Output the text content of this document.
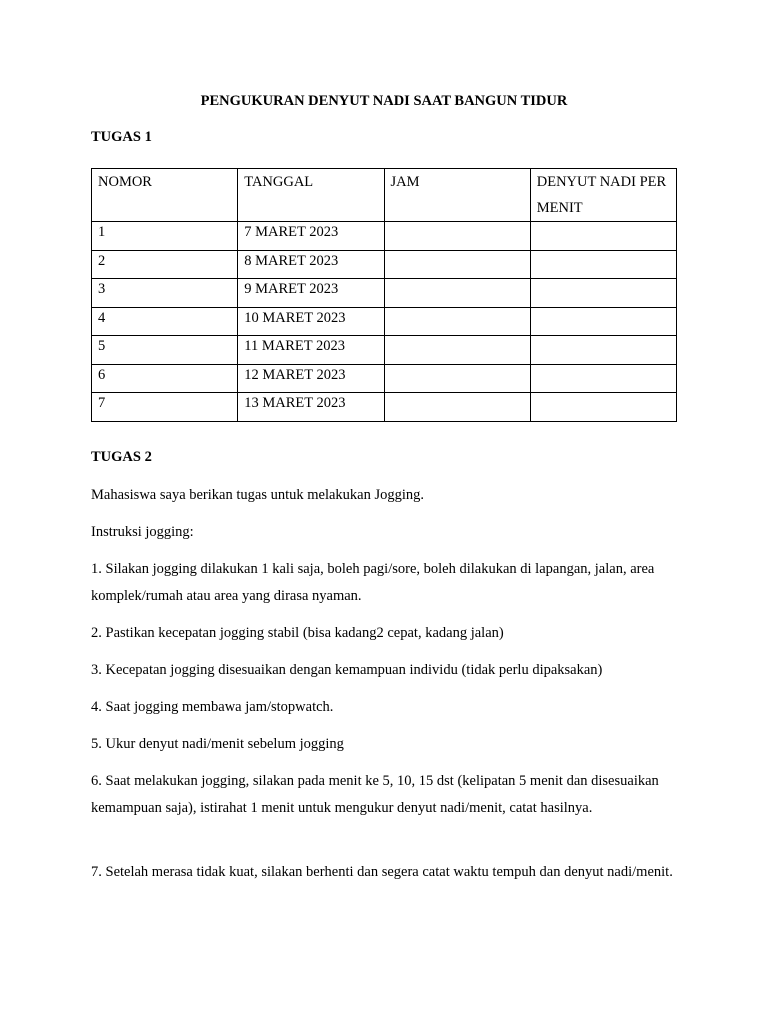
PENGUKURAN DENYUT NADI SAAT BANGUN TIDUR
TUGAS 1
NOMOR	TANGGAL	JAM	DENYUT NADI PER MENIT
1	7 MARET 2023		
2	8 MARET 2023		
3	9 MARET 2023		
4	10 MARET 2023		
5	11 MARET 2023		
6	12 MARET 2023		
7	13 MARET 2023		
TUGAS 2

Mahasiswa saya berikan tugas untuk melakukan Jogging.

Instruksi jogging:

1. Silakan jogging dilakukan 1 kali saja, boleh pagi/sore, boleh dilakukan di lapangan, jalan, area komplek/rumah atau area yang dirasa nyaman.

2. Pastikan kecepatan jogging stabil (bisa kadang2 cepat, kadang jalan)

3. Kecepatan jogging disesuaikan dengan kemampuan individu (tidak perlu dipaksakan)

4. Saat jogging membawa jam/stopwatch.

5. Ukur denyut nadi/menit sebelum jogging

6. Saat melakukan jogging, silakan pada menit ke 5, 10, 15 dst (kelipatan 5 menit dan disesuaikan kemampuan saja), istirahat 1 menit untuk mengukur denyut nadi/menit, catat hasilnya.

7. Setelah merasa tidak kuat, silakan berhenti dan segera catat waktu tempuh dan denyut nadi/menit.
